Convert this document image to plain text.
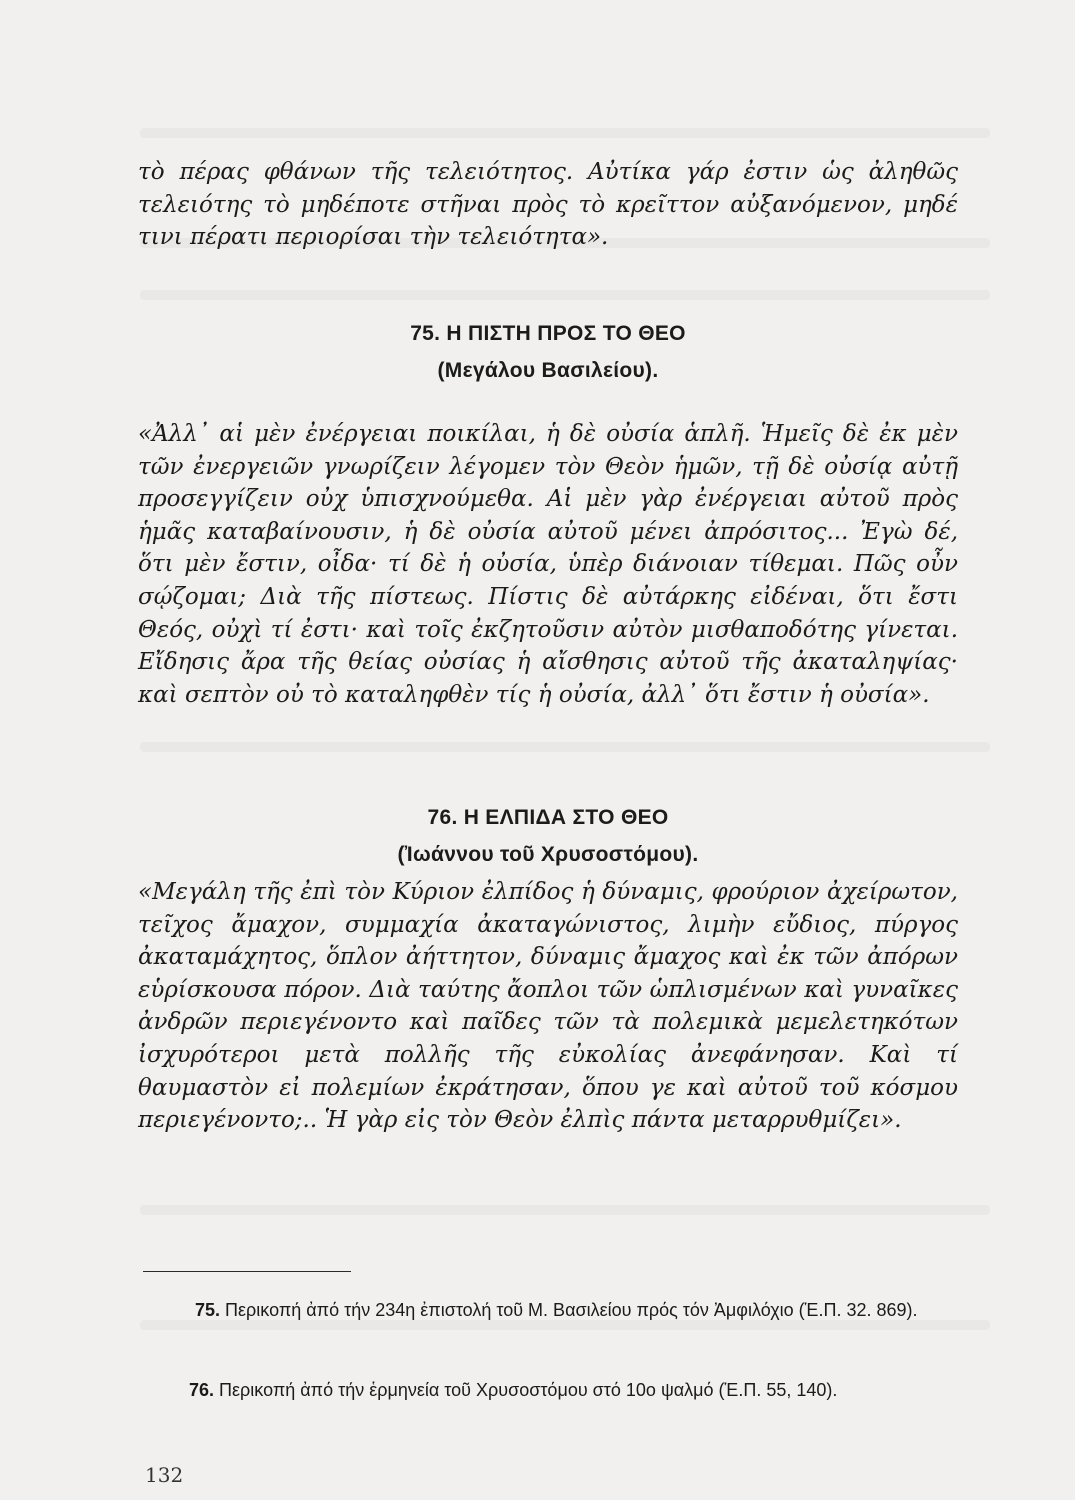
τὸ πέρας φθάνων τῆς τελειότητος. Αὐτίκα γάρ ἐστιν ὡς ἀληθῶς τελειότης τὸ μηδέποτε στῆναι πρὸς τὸ κρεῖττον αὐξανόμενον, μηδέ τινι πέρατι περιορίσαι τὴν τελειότητα».

75. Η ΠΙΣΤΗ ΠΡΟΣ ΤΟ ΘΕΟ

(Μεγάλου Βασιλείου).

«Ἀλλ᾽ αἱ μὲν ἐνέργειαι ποικίλαι, ἡ δὲ οὐσία ἁπλῆ. Ἡμεῖς δὲ ἐκ μὲν τῶν ἐνεργειῶν γνωρίζειν λέγομεν τὸν Θεὸν ἡμῶν, τῇ δὲ οὐσίᾳ αὐτῇ προσεγγίζειν οὐχ ὑπισχνούμεθα. Αἱ μὲν γὰρ ἐνέργειαι αὐτοῦ πρὸς ἡμᾶς καταβαίνουσιν, ἡ δὲ οὐσία αὐτοῦ μένει ἀπρόσιτος... Ἐγὼ δέ, ὅτι μὲν ἔστιν, οἶδα· τί δὲ ἡ οὐσία, ὑπὲρ διάνοιαν τίθεμαι. Πῶς οὖν σῴζομαι; Διὰ τῆς πίστεως. Πίστις δὲ αὐτάρκης εἰδέναι, ὅτι ἔστι Θεός, οὐχὶ τί ἐστι· καὶ τοῖς ἐκζητοῦσιν αὐτὸν μισθαποδότης γίνεται. Εἴδησις ἄρα τῆς θείας οὐσίας ἡ αἴσθησις αὐτοῦ τῆς ἀκαταληψίας· καὶ σεπτὸν οὐ τὸ καταληφθὲν τίς ἡ οὐσία, ἀλλ᾽ ὅτι ἔστιν ἡ οὐσία».

76. Η ΕΛΠΙΔΑ ΣΤΟ ΘΕΟ

(Ἰωάννου τοῦ Χρυσοστόμου).

«Μεγάλη τῆς ἐπὶ τὸν Κύριον ἐλπίδος ἡ δύναμις, φρούριον ἀχείρωτον, τεῖχος ἄμαχον, συμμαχία ἀκαταγώνιστος, λιμὴν εὔδιος, πύργος ἀκαταμάχητος, ὅπλον ἀήττητον, δύναμις ἄμαχος καὶ ἐκ τῶν ἀπόρων εὑρίσκουσα πόρον. Διὰ ταύτης ἄοπλοι τῶν ὡπλισμένων καὶ γυναῖκες ἀνδρῶν περιεγένοντο καὶ παῖδες τῶν τὰ πολεμικὰ μεμελετηκότων ἰσχυρότεροι μετὰ πολλῆς τῆς εὐκολίας ἀνεφάνησαν. Καὶ τί θαυμαστὸν εἰ πολεμίων ἐκράτησαν, ὅπου γε καὶ αὐτοῦ τοῦ κόσμου περιεγένοντο;.. Ἡ γὰρ εἰς τὸν Θεὸν ἐλπὶς πάντα μεταρρυθμίζει».

75. Περικοπή ἀπό τήν 234η ἐπιστολή τοῦ Μ. Βασιλείου πρός τόν Ἀμφιλόχιο (Ἑ.Π. 32. 869).

76. Περικοπή ἀπό τήν ἑρμηνεία τοῦ Χρυσοστόμου στό 10ο ψαλμό (Ἑ.Π. 55, 140).

132
